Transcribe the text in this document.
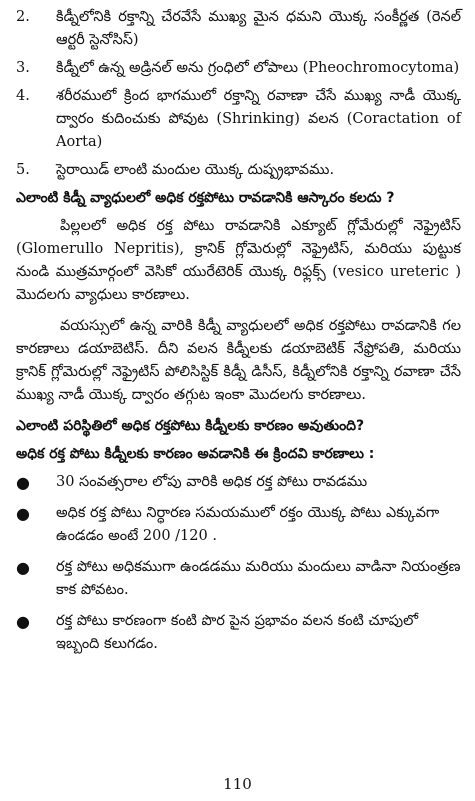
2.	కిడ్నీలోనికి రక్తాన్ని చేరవేసే ముఖ్య మైన ధమని యొక్క సంకీర్ణత (రెనల్ ఆర్టరీ స్టెనోసిస్)
3.	కిడ్నీలో ఉన్న అడ్రినల్ అను గ్రంధిలో లోపాలు (Pheochromocytoma)
4.	శరీరములో క్రింద భాగములో రక్తాన్ని రవాణా చేసే ముఖ్య నాడీ యొక్క ద్వారం కుదించుకు పోవుట (Shrinking) వలన (Coractation of Aorta)
5.	స్టెరాయిడ్ లాంటి మందుల యొక్క దుష్ప్రభావము.
ఎలాంటి కిడ్నీ వ్యాధులలో అధిక రక్తపోటు రావడానికి ఆస్కారం కలదు ?

పిల్లలలో అధిక రక్త పోటు రావడానికి ఎక్యూట్ గ్లోమేరుల్లో నెఫ్రైటిస్ (Glomerullo Nepritis), క్రానిక్ గ్లోమెరుల్లో నెఫ్రైటిస్, మరియు పుట్టుక నుండి ముత్రమార్గంలో వెసికో యురేటెరిక్ యొక్క రిఫ్లక్స్ (vesico ureteric ) మొదలగు వ్యాధులు కారణాలు.

వయస్సులో ఉన్న వారికి కిడ్నీ వ్యాధులలో అధిక రక్తపోటు రావడానికి గల కారణాలు డయాబెటిస్. దీని వలన కిడ్నీలకు డయాబెటిక్ నేఫ్రోపతి, మరియు క్రానిక్ గ్లోమెరుల్లో నెఫ్రైటిస్ పోలిసిస్టిక్ కిడ్నీ డిసీస్, కిడ్నీలోనికి రక్తాన్ని రవాణా చేసే ముఖ్య నాడీ యొక్క ద్వారం తగ్గుట ఇంకా మొదలగు కారణాలు.

ఎలాంటి పరిస్థితిలో అధిక రక్తపోటు కిడ్నీలకు కారణం అవుతుంది?
అధిక రక్త పోటు కిడ్నీలకు కారణం అవడానికి ఈ క్రిందవి కారణాలు :
●	30 సంవత్సరాల లోపు వారికి అధిక రక్త పోటు రావడము
●	అధిక రక్త పోటు నిర్ధారణ సమయములో రక్తం యొక్క పోటు ఎక్కువగా ఉండడం అంటే 200 /120 .
●	రక్త పోటు అధికముగా ఉండడము మరియు మందులు వాడినా నియంత్రణ కాక పోవటం.
●	రక్త పోటు కారణంగా కంటి పొర పైన ప్రభావం వలన కంటి చూపులో ఇబ్బంది కలుగడం.
110
